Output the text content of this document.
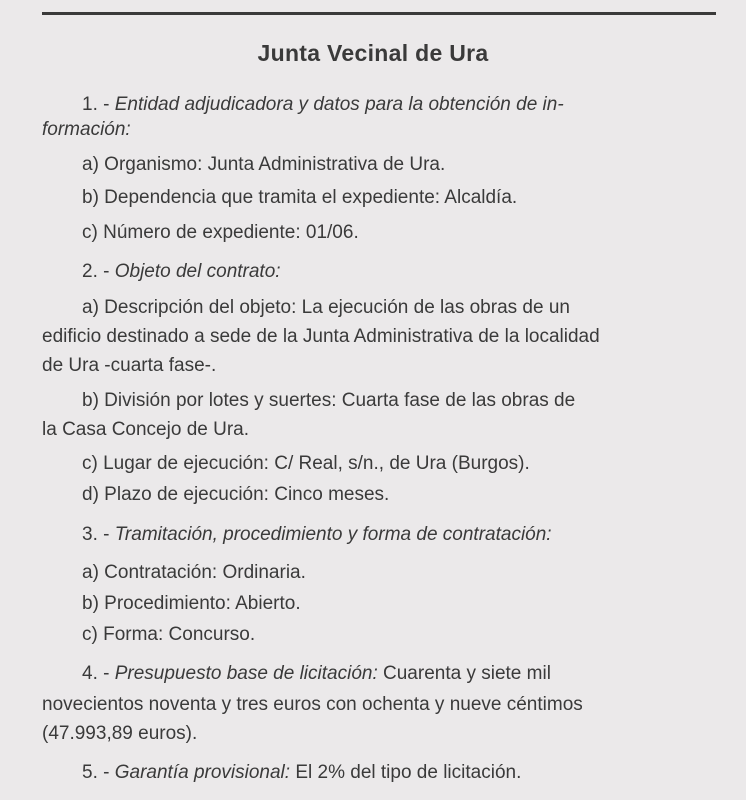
Junta Vecinal de Ura
1. - Entidad adjudicadora y datos para la obtención de in-
formación:
a) Organismo: Junta Administrativa de Ura.
b) Dependencia que tramita el expediente: Alcaldía.
c) Número de expediente: 01/06.
2. - Objeto del contrato:
a) Descripción del objeto: La ejecución de las obras de un
edificio destinado a sede de la Junta Administrativa de la localidad
de Ura -cuarta fase-.
b) División por lotes y suertes: Cuarta fase de las obras de
la Casa Concejo de Ura.
c) Lugar de ejecución: C/ Real, s/n., de Ura (Burgos).
d) Plazo de ejecución: Cinco meses.
3. - Tramitación, procedimiento y forma de contratación:
a) Contratación: Ordinaria.
b) Procedimiento: Abierto.
c) Forma: Concurso.
4. - Presupuesto base de licitación: Cuarenta y siete mil
novecientos noventa y tres euros con ochenta y nueve céntimos
(47.993,89 euros).
5. - Garantía provisional: El 2% del tipo de licitación.
